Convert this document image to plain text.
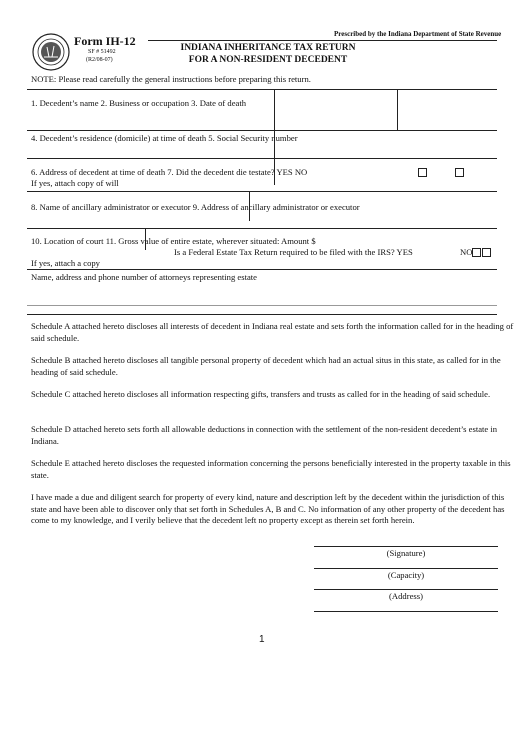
Prescribed by the Indiana Department of State Revenue
Form IH-12
SF # 51492
(R2/08-07)
INDIANA INHERITANCE TAX RETURN
FOR A NON-RESIDENT DECEDENT
NOTE: Please read carefully the general instructions before preparing this return.
1. Decedent’s name 2. Business or occupation 3. Date of death
4. Decedent’s residence (domicile) at time of death 5. Social Security number
6. Address of decedent at time of death 7. Did the decedent die testate? YES NO
If yes, attach copy of will
8. Name of ancillary administrator or executor 9. Address of ancillary administrator or executor
10. Location of court 11. Gross value of entire estate, wherever situated: Amount $
Is a Federal Estate Tax Return required to be filed with the IRS? YES	NO
If yes, attach a copy
Name, address and phone number of attorneys representing estate

Schedule A attached hereto discloses all interests of decedent in Indiana real estate and sets forth the information called for in the heading of said schedule.

Schedule B attached hereto discloses all tangible personal property of decedent which had an actual situs in this state, as called for in the heading of said schedule.

Schedule C attached hereto discloses all information respecting gifts, transfers and trusts as called for in the heading of said schedule.

Schedule D attached hereto sets forth all allowable deductions in connection with the settlement of the non-resident decedent’s estate in Indiana.

Schedule E attached hereto discloses the requested information concerning the persons beneficially interested in the property taxable in this state.

I have made a due and diligent search for property of every kind, nature and description left by the decedent within the jurisdiction of this state and have been able to discover only that set forth in Schedules A, B and C. No information of any other property of the decedent has come to my knowledge, and I verily believe that the decedent left no property except as therein set forth herein.

(Signature)
(Capacity)
(Address)
1
